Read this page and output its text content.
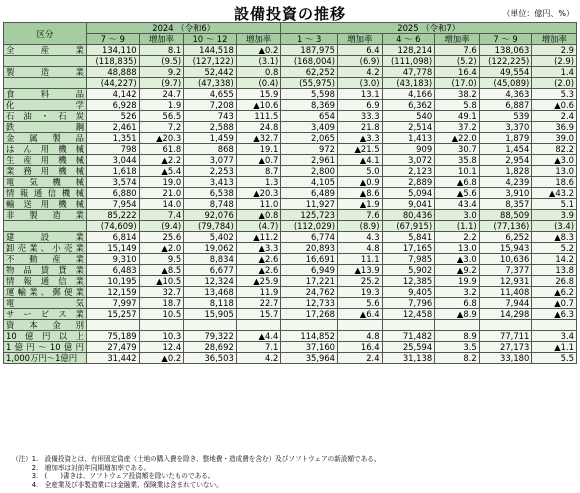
設備投資の推移	（単位：億円、%）
区分	2024 （令和6）				2025 （令和7）					
	7 ～ 9	増加率	10 ～ 12	増加率	1 ～ 3	増加率	4 ～ 6	増加率	7 ～ 9	増加率
全　産　業	134,110	8.1	144,518	▲0.2	187,975	6.4	128,214	7.6	138,063	2.9
	(118,835)	(9.5)	(127,122)	(3.1)	(168,004)	(6.9)	(111,098)	(5.2)	(122,225)	(2.9)
製　造　業	48,888	9.2	52,442	0.8	62,252	4.2	47,778	16.4	49,554	1.4
	(44,227)	(9.7)	(47,338)	(0.4)	(55,975)	(3.0)	(43,183)	(17.0)	(45,089)	(2.0)
食　料　品	4,142	24.7	4,655	15.9	5,598	13.1	4,166	38.2	4,363	5.3
化　　　学	6,928	1.9	7,208	▲10.6	8,369	6.9	6,362	5.8	6,887	▲0.6
石油・石炭	526	56.5	743	111.5	654	33.3	540	49.1	539	2.4
鉄　　　鋼	2,461	7.2	2,588	24.8	3,409	21.8	2,514	37.2	3,370	36.9
金属製品	1,351	▲20.3	1,459	▲32.7	2,065	▲3.3	1,413	▲22.0	1,879	39.0
はん用機械	798	61.8	868	19.1	972	▲21.5	909	30.7	1,454	82.2
生産用機械	3,044	▲2.2	3,077	▲0.7	2,961	▲4.1	3,072	35.8	2,954	▲3.0
業務用機械	1,618	▲5.4	2,253	8.7	2,800	5.0	2,123	10.1	1,828	13.0
電気機械	3,574	19.0	3,413	1.3	4,105	▲0.9	2,889	▲6.8	4,239	18.6
情報通信機械	6,880	21.0	6,538	▲20.3	6,489	▲8.6	5,094	▲5.6	3,910	▲43.2
輸送用機械	7,954	14.0	8,748	11.0	11,927	▲1.9	9,041	43.4	8,357	5.1
非製造業	85,222	7.4	92,076	▲0.8	125,723	7.6	80,436	3.0	88,509	3.9
	(74,609)	(9.4)	(79,784)	(4.7)	(112,029)	(8.9)	(67,915)	(1.1)	(77,136)	(3.4)
建　設　業	6,814	25.6	5,402	▲11.2	6,774	4.3	5,841	2.2	6,252	▲8.3
卸売業、小売業	15,149	▲2.0	19,062	▲3.3	20,893	4.8	17,165	13.0	15,943	5.2
不動産業	9,310	9.5	8,834	▲2.6	16,691	11.1	7,985	▲3.0	10,636	14.2
物品賃貸業	6,483	▲8.5	6,677	▲2.6	6,949	▲13.9	5,902	▲9.2	7,377	13.8
情報通信業	10,195	▲10.5	12,324	▲25.9	17,221	25.2	12,385	19.9	12,931	26.8
運輸業、郵便業	12,159	32.7	13,468	11.9	24,762	19.3	9,405	3.2	11,408	▲6.2
電　　　気	7,997	18.7	8,118	22.7	12,733	5.6	7,796	6.8	7,944	▲0.7
サービス業	15,257	10.5	15,905	15.7	17,268	▲6.4	12,458	▲8.9	14,298	▲6.3
資本金別										
10億円以上	75,189	10.3	79,322	▲4.4	114,852	4.8	71,482	8.9	77,711	3.4
1億円～10億円	27,479	12.4	28,692	7.1	37,160	16.4	25,594	3.5	27,173	▲1.1
1,000万円～1億円	31,442	▲0.2	36,503	4.2	35,964	2.4	31,138	8.2	33,180	5.5
（注）1.　設備投資とは、有形固定資産（土地の購入費を除き、整地費・造成費を含む）及びソフトウェアの新設額である。
　　　2.　増加率は対前年同期増加率である。
　　　3.　(　　)書きは、ソフトウェア投資額を除いたものである。
　　　4.　全産業及び非製造業には金融業、保険業は含まれていない。
